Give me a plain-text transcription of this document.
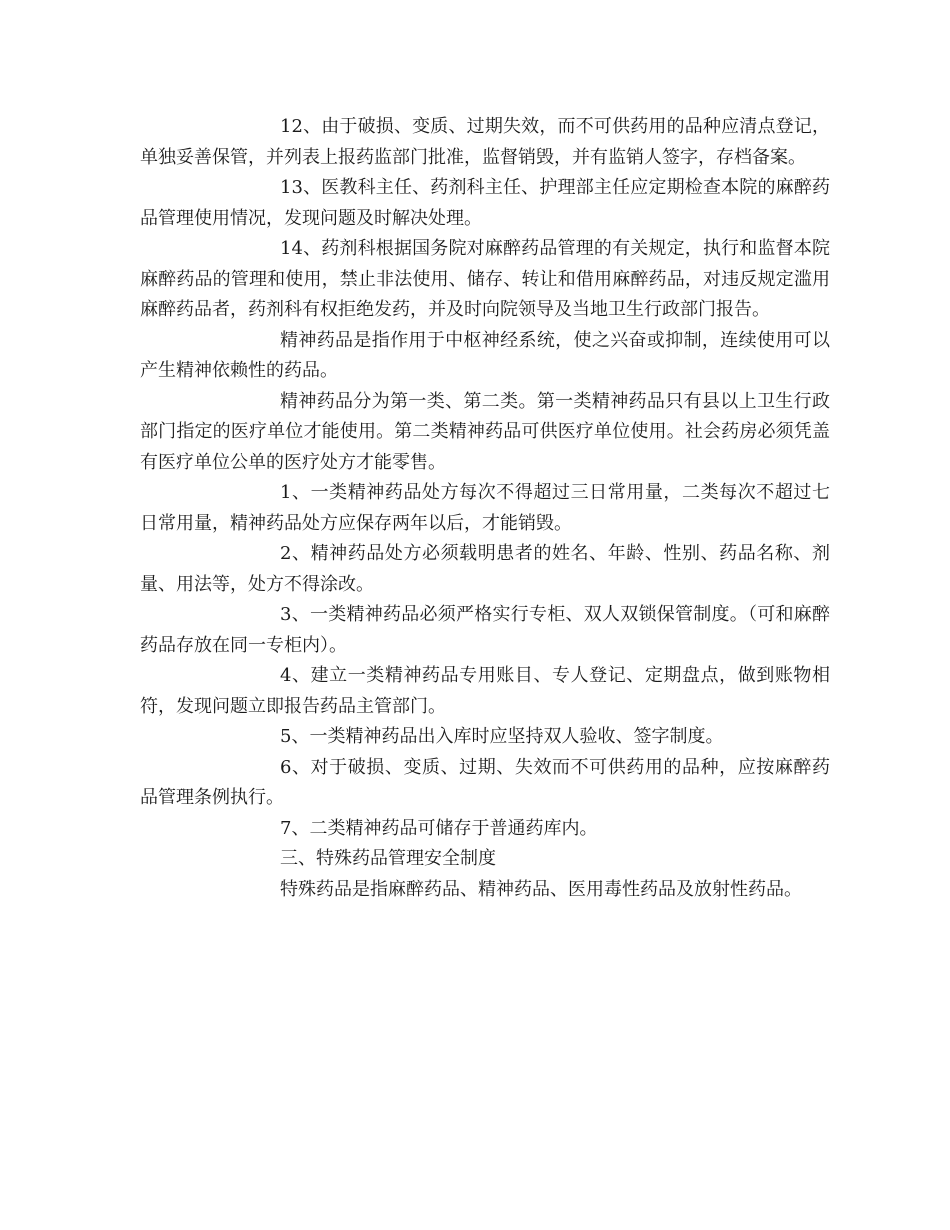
12、由于破损、变质、过期失效，而不可供药用的品种应清点登记，单独妥善保管，并列表上报药监部门批准，监督销毁，并有监销人签字，存档备案。

13、医教科主任、药剂科主任、护理部主任应定期检查本院的麻醉药品管理使用情况，发现问题及时解决处理。

14、药剂科根据国务院对麻醉药品管理的有关规定，执行和监督本院麻醉药品的管理和使用，禁止非法使用、储存、转让和借用麻醉药品，对违反规定滥用麻醉药品者，药剂科有权拒绝发药，并及时向院领导及当地卫生行政部门报告。

精神药品是指作用于中枢神经系统，使之兴奋或抑制，连续使用可以产生精神依赖性的药品。

精神药品分为第一类、第二类。第一类精神药品只有县以上卫生行政部门指定的医疗单位才能使用。第二类精神药品可供医疗单位使用。社会药房必须凭盖有医疗单位公单的医疗处方才能零售。

1、一类精神药品处方每次不得超过三日常用量，二类每次不超过七日常用量，精神药品处方应保存两年以后，才能销毁。

2、精神药品处方必须载明患者的姓名、年龄、性别、药品名称、剂量、用法等，处方不得涂改。

3、一类精神药品必须严格实行专柜、双人双锁保管制度。（可和麻醉药品存放在同一专柜内）。

4、建立一类精神药品专用账目、专人登记、定期盘点，做到账物相符，发现问题立即报告药品主管部门。

5、一类精神药品出入库时应坚持双人验收、签字制度。

6、对于破损、变质、过期、失效而不可供药用的品种，应按麻醉药品管理条例执行。

7、二类精神药品可储存于普通药库内。

三、特殊药品管理安全制度

特殊药品是指麻醉药品、精神药品、医用毒性药品及放射性药品。
